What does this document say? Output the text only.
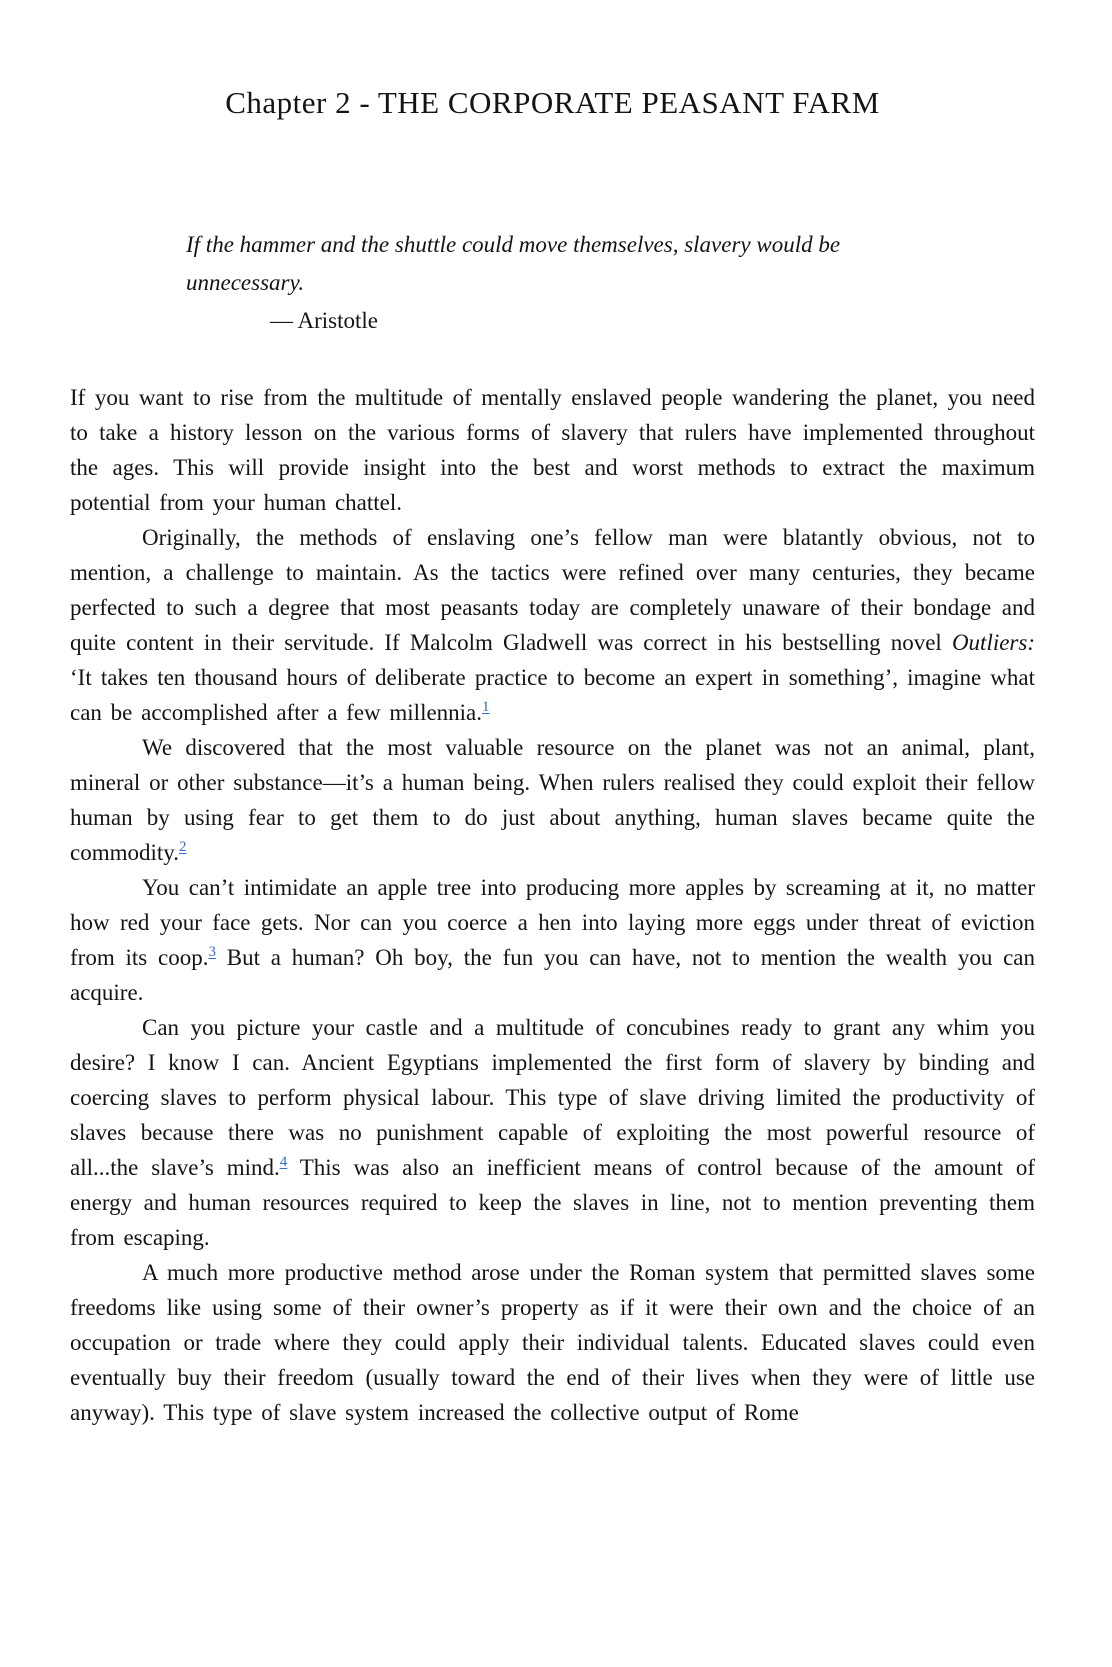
Chapter 2 - THE CORPORATE PEASANT FARM
If the hammer and the shuttle could move themselves, slavery would be unnecessary.
— Aristotle

If you want to rise from the multitude of mentally enslaved people wandering the planet, you need to take a history lesson on the various forms of slavery that rulers have implemented throughout the ages. This will provide insight into the best and worst methods to extract the maximum potential from your human chattel.

Originally, the methods of enslaving one’s fellow man were blatantly obvious, not to mention, a challenge to maintain. As the tactics were refined over many centuries, they became perfected to such a degree that most peasants today are completely unaware of their bondage and quite content in their servitude. If Malcolm Gladwell was correct in his bestselling novel Outliers: ‘It takes ten thousand hours of deliberate practice to become an expert in something’, imagine what can be accomplished after a few millennia.$^1$

We discovered that the most valuable resource on the planet was not an animal, plant, mineral or other substance—it’s a human being. When rulers realised they could exploit their fellow human by using fear to get them to do just about anything, human slaves became quite the commodity.$^2$

You can’t intimidate an apple tree into producing more apples by screaming at it, no matter how red your face gets. Nor can you coerce a hen into laying more eggs under threat of eviction from its coop.$^3$ But a human? Oh boy, the fun you can have, not to mention the wealth you can acquire.

Can you picture your castle and a multitude of concubines ready to grant any whim you desire? I know I can. Ancient Egyptians implemented the first form of slavery by binding and coercing slaves to perform physical labour. This type of slave driving limited the productivity of slaves because there was no punishment capable of exploiting the most powerful resource of all...the slave’s mind.$^4$ This was also an inefficient means of control because of the amount of energy and human resources required to keep the slaves in line, not to mention preventing them from escaping.

A much more productive method arose under the Roman system that permitted slaves some freedoms like using some of their owner’s property as if it were their own and the choice of an occupation or trade where they could apply their individual talents. Educated slaves could even eventually buy their freedom (usually toward the end of their lives when they were of little use anyway). This type of slave system increased the collective output of Rome
